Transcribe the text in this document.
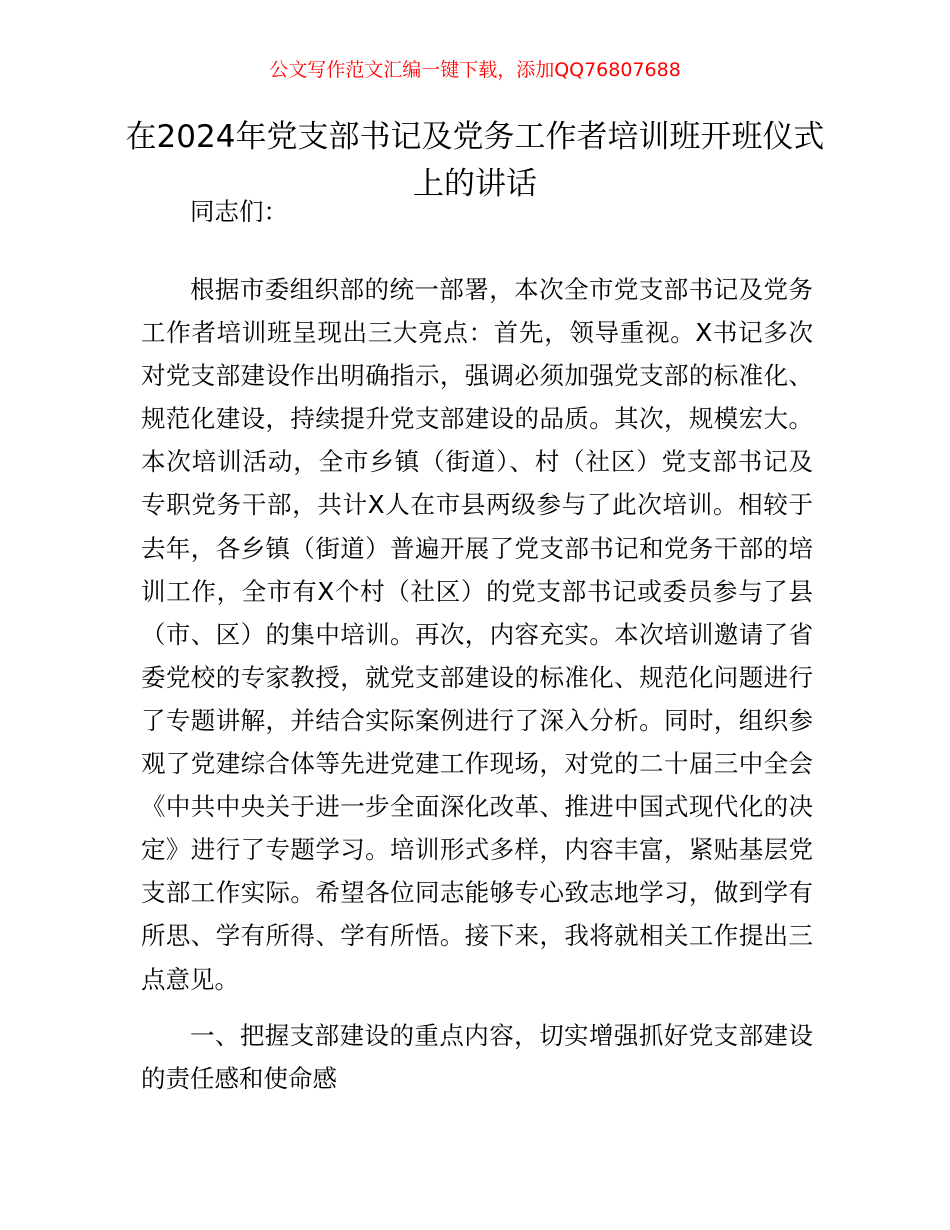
公文写作范文汇编一键下载，添加QQ76807688
在2024年党支部书记及党务工作者培训班开班仪式上的讲话

同志们：

根据市委组织部的统一部署，本次全市党支部书记及党务工作者培训班呈现出三大亮点：首先，领导重视。X书记多次对党支部建设作出明确指示，强调必须加强党支部的标准化、规范化建设，持续提升党支部建设的品质。其次，规模宏大。本次培训活动，全市乡镇（街道）、村（社区）党支部书记及专职党务干部，共计X人在市县两级参与了此次培训。相较于去年，各乡镇（街道）普遍开展了党支部书记和党务干部的培训工作，全市有X个村（社区）的党支部书记或委员参与了县（市、区）的集中培训。再次，内容充实。本次培训邀请了省委党校的专家教授，就党支部建设的标准化、规范化问题进行了专题讲解，并结合实际案例进行了深入分析。同时，组织参观了党建综合体等先进党建工作现场，对党的二十届三中全会《中共中央关于进一步全面深化改革、推进中国式现代化的决定》进行了专题学习。培训形式多样，内容丰富，紧贴基层党支部工作实际。希望各位同志能够专心致志地学习，做到学有所思、学有所得、学有所悟。接下来，我将就相关工作提出三点意见。

一、把握支部建设的重点内容，切实增强抓好党支部建设的责任感和使命感
